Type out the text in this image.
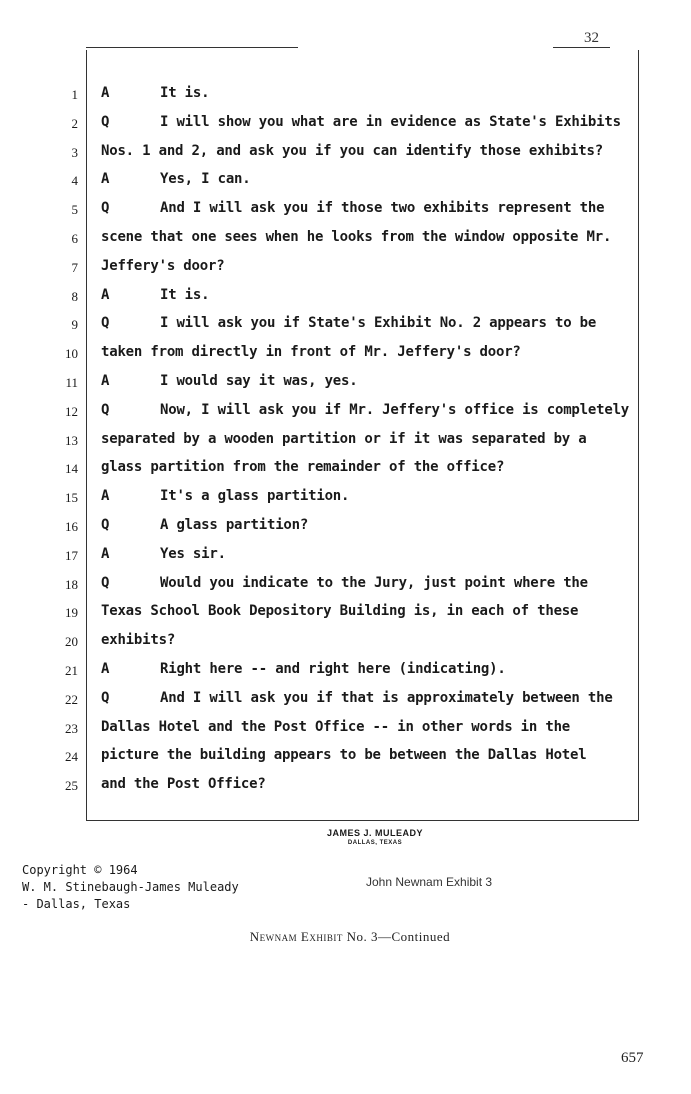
32
1 A	It is.
2 Q	I will show you what are in evidence as State's Exhibits
3 Nos. 1 and 2, and ask you if you can identify those exhibits?
4 A	Yes, I can.
5 Q	And I will ask you if those two exhibits represent the
6 scene that one sees when he looks from the window opposite Mr.
7 Jeffery's door?
8 A	It is.
9 Q	I will ask you if State's Exhibit No. 2 appears to be
10 taken from directly in front of Mr. Jeffery's door?
11 A	I would say it was, yes.
12 Q	Now, I will ask you if Mr. Jeffery's office is completely
13 separated by a wooden partition or if it was separated by a
14 glass partition from the remainder of the office?
15 A	It's a glass partition.
16 Q	A glass partition?
17 A	Yes sir.
18 Q	Would you indicate to the Jury, just point where the
19 Texas School Book Depository Building is, in each of these
20 exhibits?
21 A	Right here -- and right here (indicating).
22 Q	And I will ask you if that is approximately between the
23 Dallas Hotel and the Post Office -- in other words in the
24 picture the building appears to be between the Dallas Hotel
25 and the Post Office?
JAMES J. MULEADY
DALLAS, TEXAS
Copyright © 1964
W. M. Stinebaugh-James Muleady
- Dallas, Texas
John Newnam Exhibit 3
Newnam Exhibit No. 3—Continued
657
